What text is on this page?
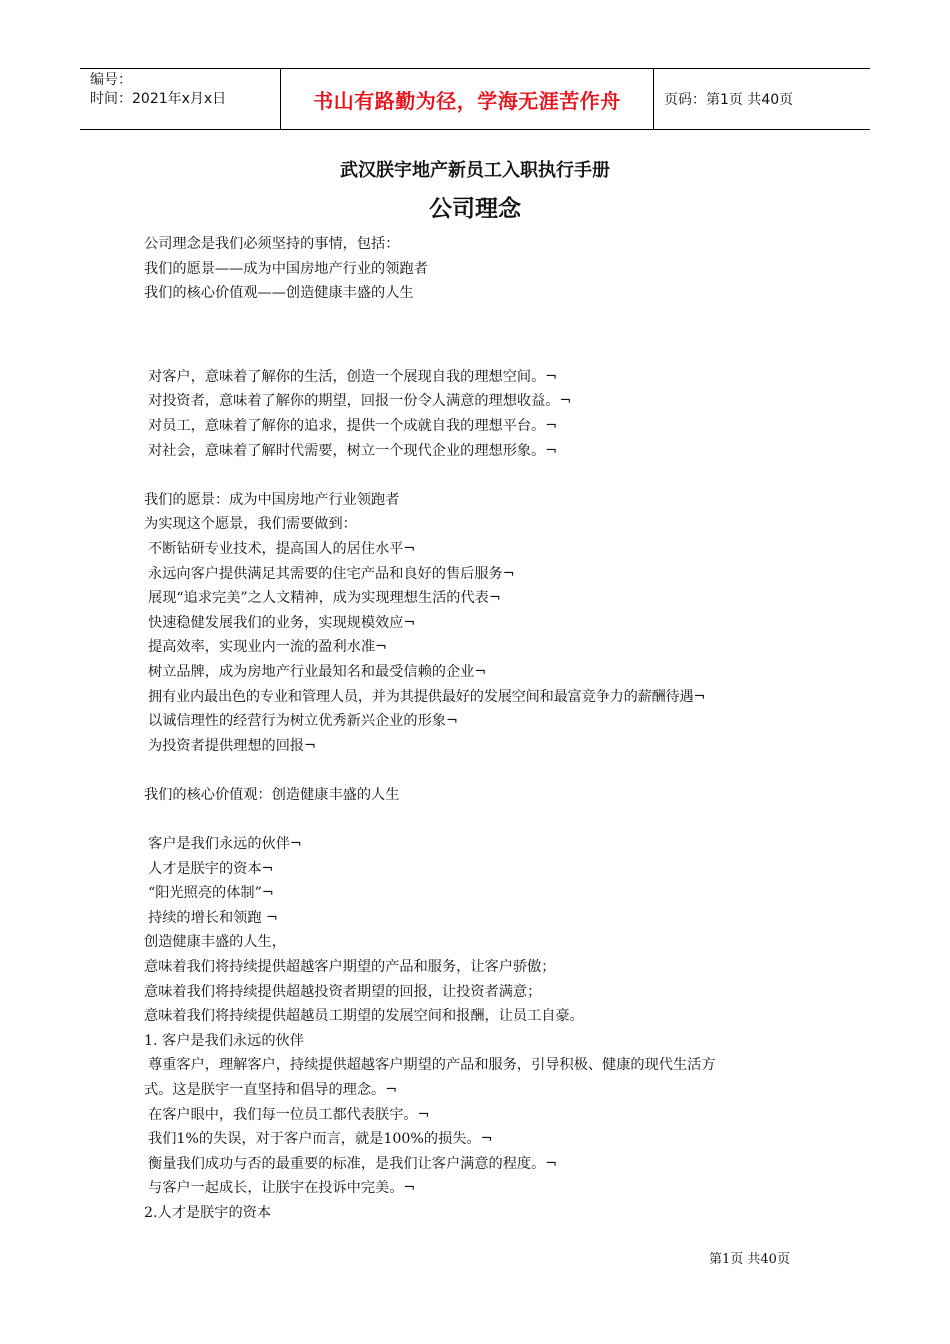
编号：
时间：2021年x月x日	书山有路勤为径，学海无涯苦作舟	页码：第1页 共40页
武汉朕宇地产新员工入职执行手册
公司理念

公司理念是我们必须坚持的事情，包括：

我们的愿景——成为中国房地产行业的领跑者

我们的核心价值观——创造健康丰盛的人生

对客户，意味着了解你的生活，创造一个展现自我的理想空间。¬

对投资者，意味着了解你的期望，回报一份令人满意的理想收益。¬

对员工，意味着了解你的追求，提供一个成就自我的理想平台。¬

对社会，意味着了解时代需要，树立一个现代企业的理想形象。¬

我们的愿景：成为中国房地产行业领跑者

为实现这个愿景，我们需要做到：

不断钻研专业技术，提高国人的居住水平¬

永远向客户提供满足其需要的住宅产品和良好的售后服务¬

展现“追求完美”之人文精神，成为实现理想生活的代表¬

快速稳健发展我们的业务，实现规模效应¬

提高效率，实现业内一流的盈利水准¬

树立品牌，成为房地产行业最知名和最受信赖的企业¬

拥有业内最出色的专业和管理人员，并为其提供最好的发展空间和最富竞争力的薪酬待遇¬

以诚信理性的经营行为树立优秀新兴企业的形象¬

为投资者提供理想的回报¬

我们的核心价值观：创造健康丰盛的人生

客户是我们永远的伙伴¬

人才是朕宇的资本¬

“阳光照亮的体制”¬

持续的增长和领跑 ¬

创造健康丰盛的人生，

意味着我们将持续提供超越客户期望的产品和服务，让客户骄傲；

意味着我们将持续提供超越投资者期望的回报，让投资者满意；

意味着我们将持续提供超越员工期望的发展空间和报酬，让员工自豪。

1. 客户是我们永远的伙伴

尊重客户，理解客户，持续提供超越客户期望的产品和服务，引导积极、健康的现代生活方

式。这是朕宇一直坚持和倡导的理念。¬

在客户眼中，我们每一位员工都代表朕宇。¬

我们1%的失误，对于客户而言，就是100%的损失。¬

衡量我们成功与否的最重要的标准，是我们让客户满意的程度。¬

与客户一起成长，让朕宇在投诉中完美。¬

2.人才是朕宇的资本

第1页 共40页
